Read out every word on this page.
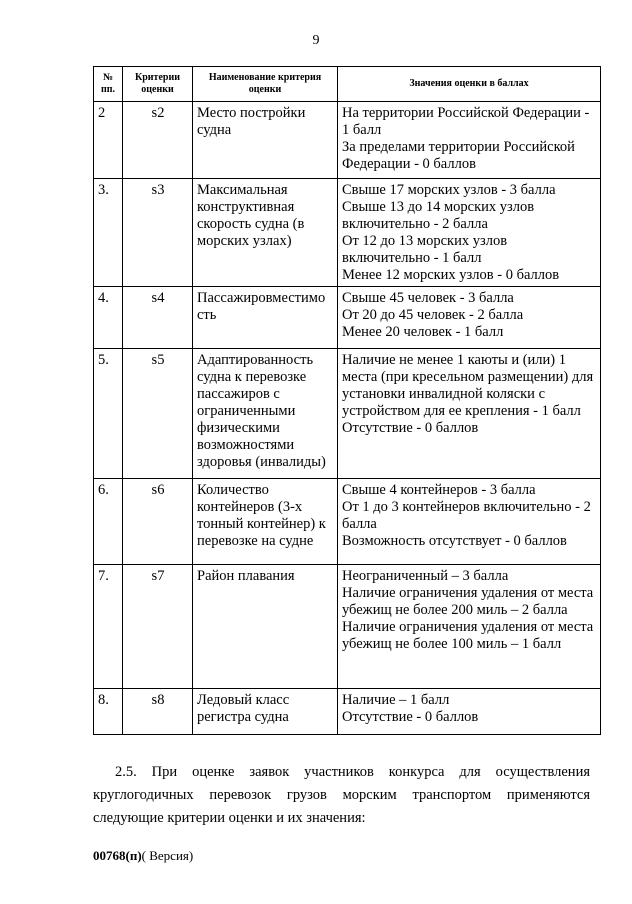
9
№ пп.	Критерии оценки	Наименование критерия оценки	Значения оценки в баллах
2	s2	Место постройки судна	На территории Российской Федерации - 1 балл
За пределами территории Российской Федерации - 0 баллов

3.	s3	Максимальная конструктивная скорость судна (в морских узлах)	Свыше 17 морских узлов - 3 балла
Свыше 13 до 14 морских узлов включительно - 2 балла
От 12 до 13 морских узлов включительно - 1 балл
Менее 12 морских узлов - 0 баллов

4.	s4	Пассажировместимо сть	Свыше 45 человек - 3 балла
От 20 до 45 человек - 2 балла
Менее 20 человек - 1 балл

5.	s5	Адаптированность судна к перевозке пассажиров с ограниченными физическими возможностями здоровья (инвалиды)	Наличие не менее 1 каюты и (или) 1 места (при кресельном размещении) для установки инвалидной коляски с устройством для ее крепления - 1 балл
Отсутствие - 0 баллов

6.	s6	Количество контейнеров (3-х тонный контейнер) к перевозке на судне	Свыше 4 контейнеров - 3 балла
От 1 до 3 контейнеров включительно - 2 балла
Возможность отсутствует - 0 баллов

7.	s7	Район плавания	Неограниченный – 3 балла
Наличие ограничения удаления от места убежищ не более 200 миль – 2 балла
Наличие ограничения удаления от места убежищ не более 100 миль – 1 балл

8.	s8	Ледовый класс регистра судна	Наличие – 1 балл
Отсутствие - 0 баллов
2.5. При оценке заявок участников конкурса для осуществления круглогодичных перевозок грузов морским транспортом применяются следующие критерии оценки и их значения:
00768(п)( Версия)
